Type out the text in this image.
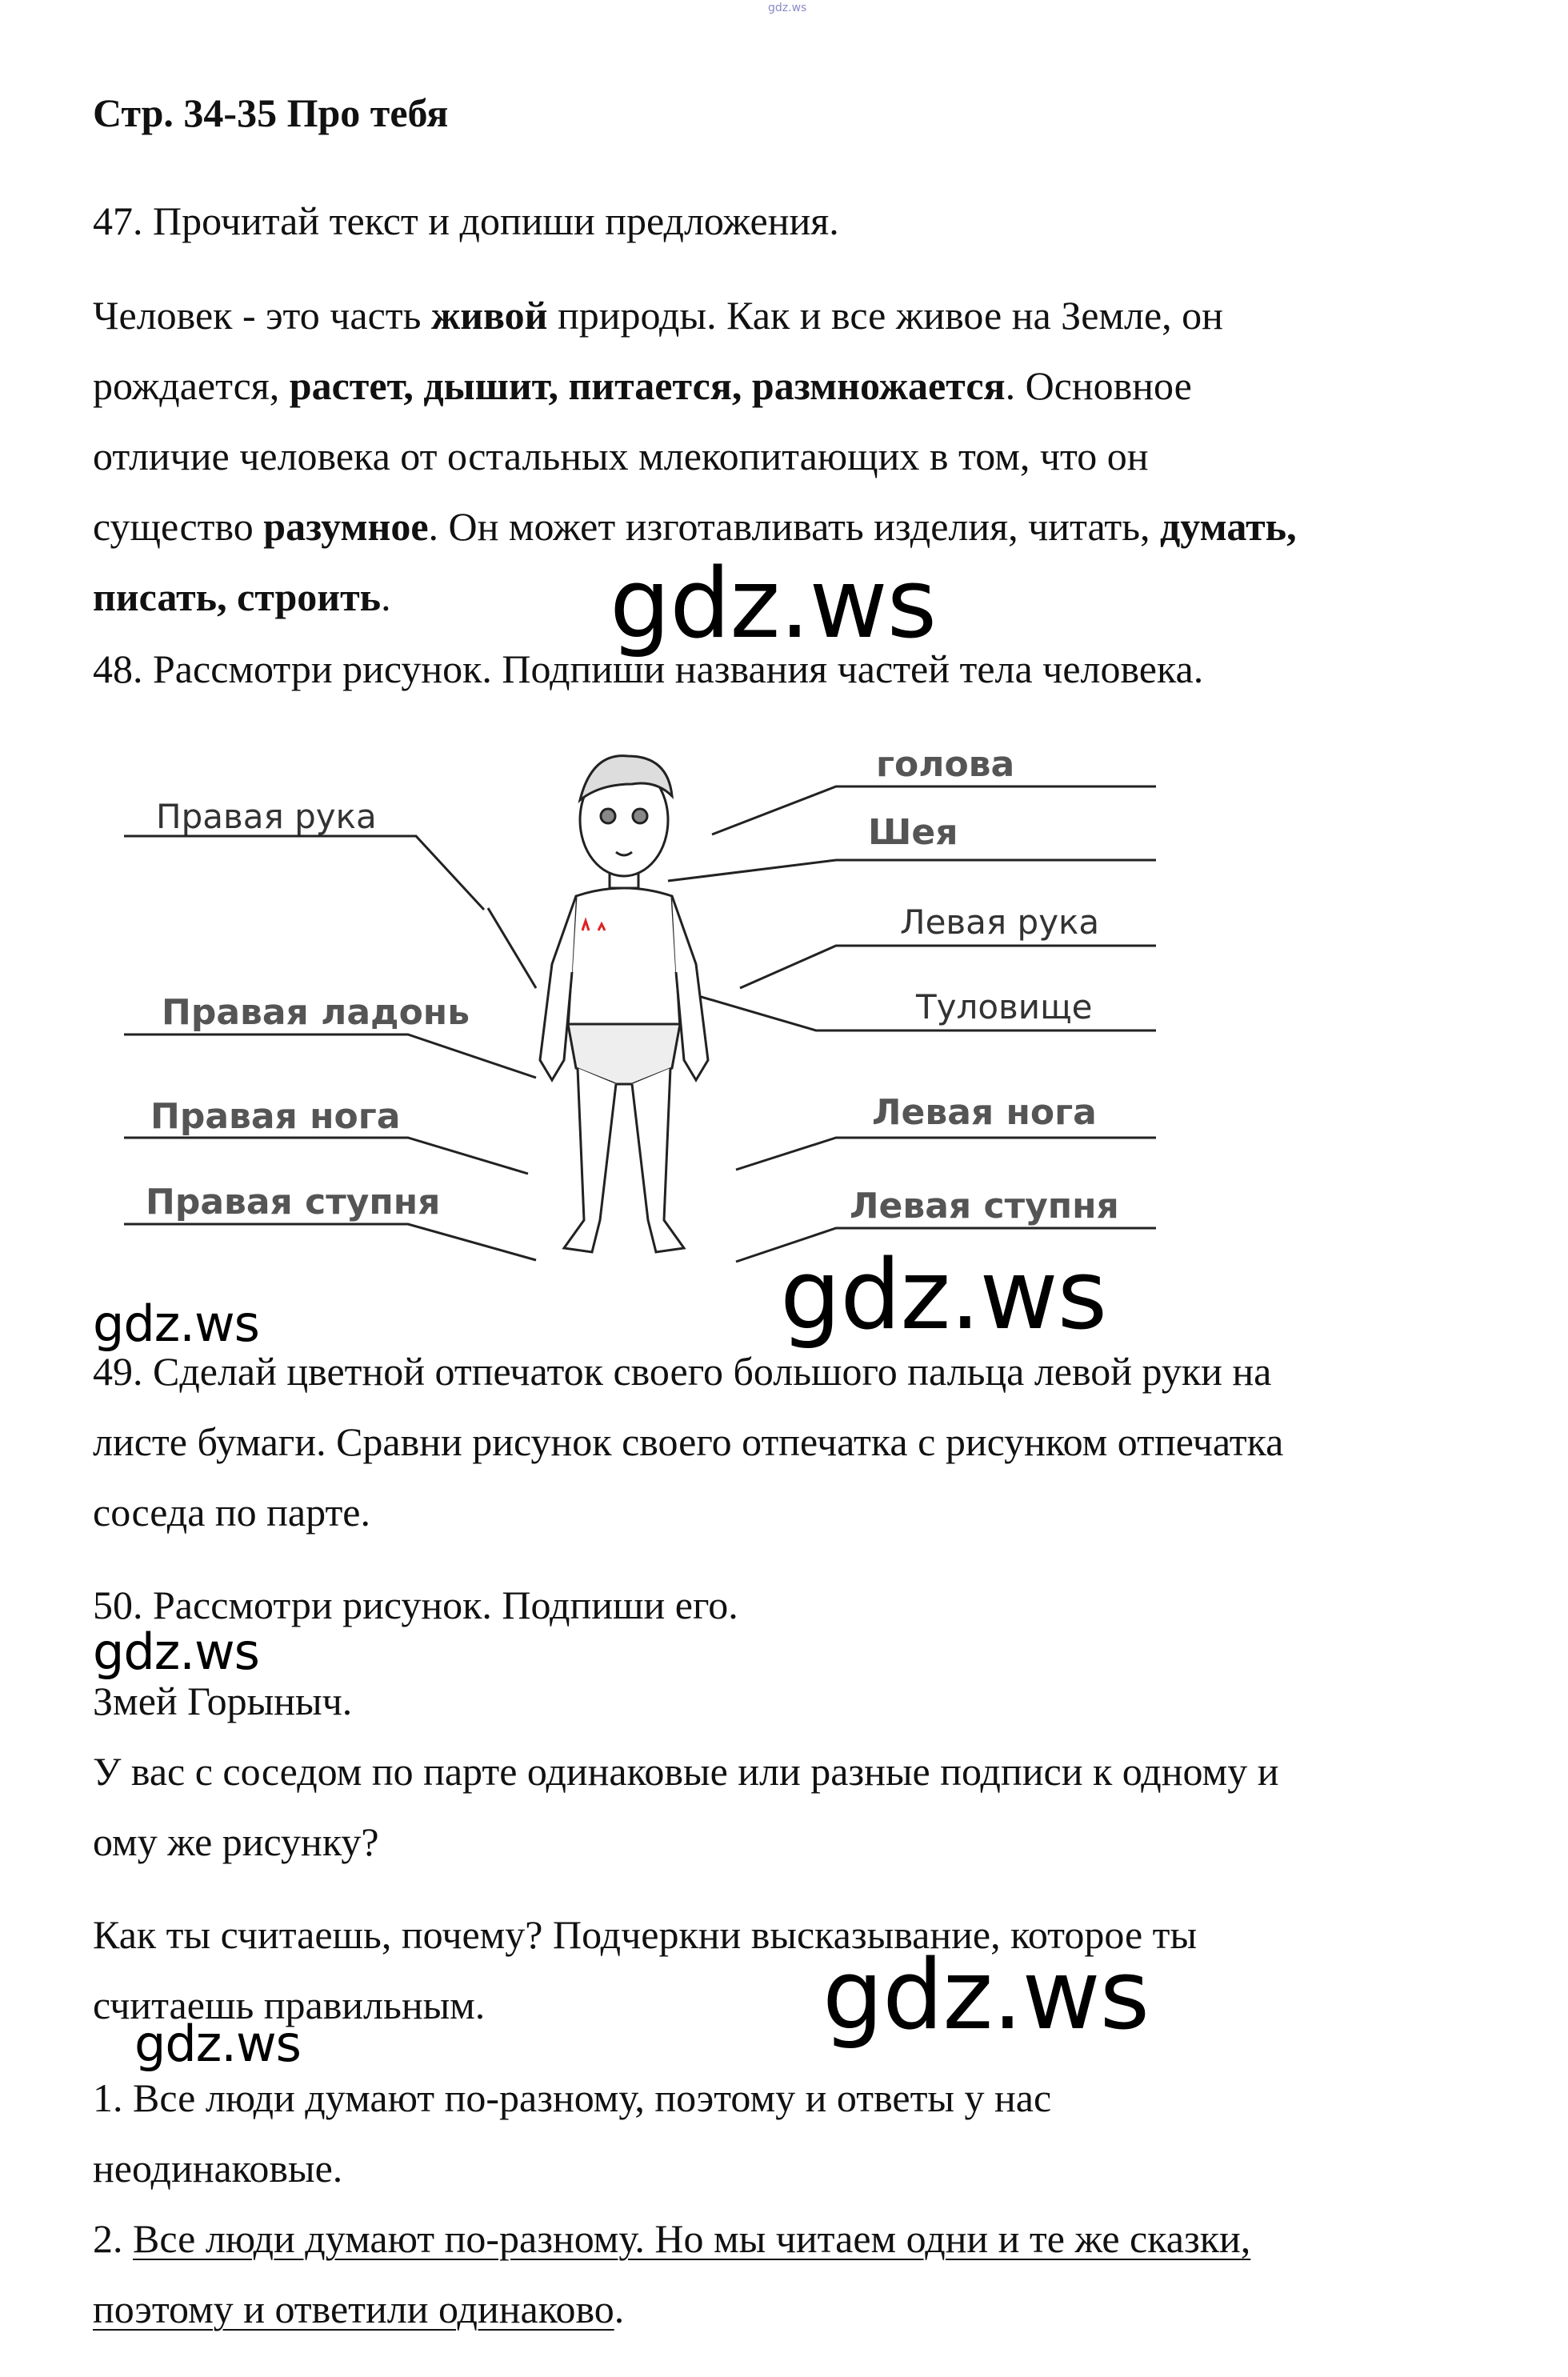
gdz.ws
Стр. 34-35 Про тебя
47. Прочитай текст и допиши предложения.
Человек - это часть живой природы. Как и все живое на Земле, он
рождается, растет, дышит, питается, размножается. Основное
отличие человека от остальных млекопитающих в том, что он
существо разумное. Он может изготавливать изделия, читать, думать,
писать, строить.
48. Рассмотри рисунок. Подпиши названия частей тела человека.
Правая рука
Правая ладонь
Правая нога
Правая ступня
голова
Шея
Левая рука
Туловище
Левая нога
Левая ступня
49. Сделай цветной отпечаток своего большого пальца левой руки на
листе бумаги. Сравни рисунок своего отпечатка с рисунком отпечатка
соседа по парте.
50. Рассмотри рисунок. Подпиши его.
Змей Горыныч.
У вас с соседом по парте одинаковые или разные подписи к одному и
ому же рисунку?
Как ты считаешь, почему? Подчеркни высказывание, которое ты
считаешь правильным.
1. Все люди думают по-разному, поэтому и ответы у нас
неодинаковые.
2. Все люди думают по-разному. Но мы читаем одни и те же сказки,
поэтому и ответили одинаково.
gdz.ws
gdz.ws
gdz.ws
gdz.ws
gdz.ws
gdz.ws
